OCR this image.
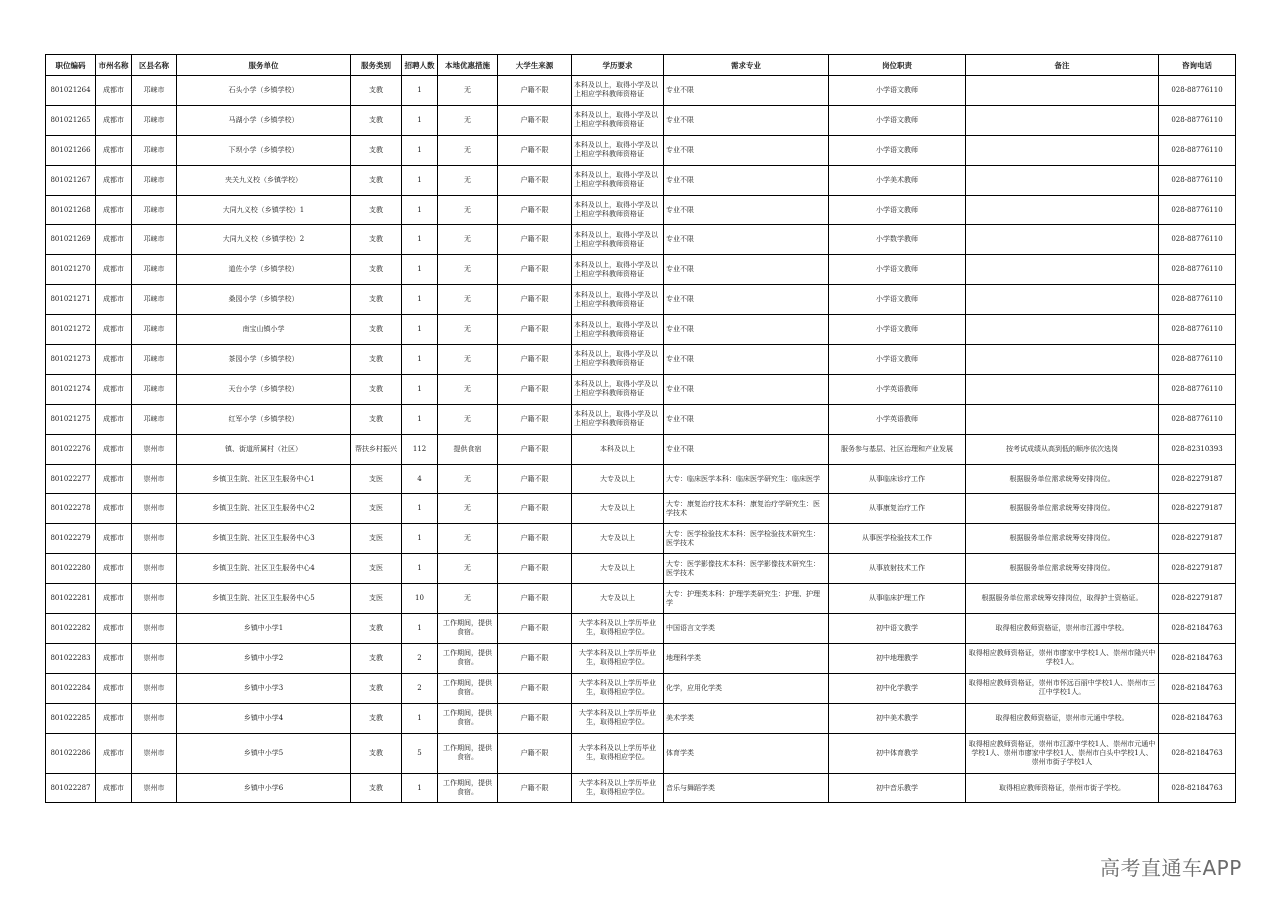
职位编码	市州名称	区县名称	服务单位	服务类别	招聘人数	本地优惠措施	大学生来源	学历要求	需求专业	岗位职责	备注	咨询电话
801021264	成都市	邛崃市	石头小学（乡镇学校）	支教	1	无	户籍不限	本科及以上，取得小学及以上相应学科教师资格证	专业不限	小学语文教师		028-88776110
801021265	成都市	邛崃市	马湖小学（乡镇学校）	支教	1	无	户籍不限	本科及以上，取得小学及以上相应学科教师资格证	专业不限	小学语文教师		028-88776110
801021266	成都市	邛崃市	下坝小学（乡镇学校）	支教	1	无	户籍不限	本科及以上，取得小学及以上相应学科教师资格证	专业不限	小学语文教师		028-88776110
801021267	成都市	邛崃市	夹关九义校（乡镇学校）	支教	1	无	户籍不限	本科及以上，取得小学及以上相应学科教师资格证	专业不限	小学美术教师		028-88776110
801021268	成都市	邛崃市	大同九义校（乡镇学校）1	支教	1	无	户籍不限	本科及以上，取得小学及以上相应学科教师资格证	专业不限	小学语文教师		028-88776110
801021269	成都市	邛崃市	大同九义校（乡镇学校）2	支教	1	无	户籍不限	本科及以上，取得小学及以上相应学科教师资格证	专业不限	小学数学教师		028-88776110
801021270	成都市	邛崃市	道佐小学（乡镇学校）	支教	1	无	户籍不限	本科及以上，取得小学及以上相应学科教师资格证	专业不限	小学语文教师		028-88776110
801021271	成都市	邛崃市	桑园小学（乡镇学校）	支教	1	无	户籍不限	本科及以上，取得小学及以上相应学科教师资格证	专业不限	小学语文教师		028-88776110
801021272	成都市	邛崃市	南宝山镇小学	支教	1	无	户籍不限	本科及以上，取得小学及以上相应学科教师资格证	专业不限	小学语文教师		028-88776110
801021273	成都市	邛崃市	茶园小学（乡镇学校）	支教	1	无	户籍不限	本科及以上，取得小学及以上相应学科教师资格证	专业不限	小学语文教师		028-88776110
801021274	成都市	邛崃市	天台小学（乡镇学校）	支教	1	无	户籍不限	本科及以上，取得小学及以上相应学科教师资格证	专业不限	小学英语教师		028-88776110
801021275	成都市	邛崃市	红军小学（乡镇学校）	支教	1	无	户籍不限	本科及以上，取得小学及以上相应学科教师资格证	专业不限	小学英语教师		028-88776110
801022276	成都市	崇州市	镇、街道所属村（社区）	帮扶乡村振兴	112	提供食宿	户籍不限	本科及以上	专业不限	服务参与基层、社区治理和产业发展	按考试成绩从高到低的顺序依次选岗	028-82310393
801022277	成都市	崇州市	乡镇卫生院、社区卫生服务中心1	支医	4	无	户籍不限	大专及以上	大专：临床医学本科：临床医学研究生：临床医学	从事临床诊疗工作	根据服务单位需求统筹安排岗位。	028-82279187
801022278	成都市	崇州市	乡镇卫生院、社区卫生服务中心2	支医	1	无	户籍不限	大专及以上	大专：康复治疗技术本科：康复治疗学研究生：医学技术	从事康复治疗工作	根据服务单位需求统筹安排岗位。	028-82279187
801022279	成都市	崇州市	乡镇卫生院、社区卫生服务中心3	支医	1	无	户籍不限	大专及以上	大专：医学检验技术本科：医学检验技术研究生：医学技术	从事医学检验技术工作	根据服务单位需求统筹安排岗位。	028-82279187
801022280	成都市	崇州市	乡镇卫生院、社区卫生服务中心4	支医	1	无	户籍不限	大专及以上	大专：医学影像技术本科：医学影像技术研究生：医学技术	从事放射技术工作	根据服务单位需求统筹安排岗位。	028-82279187
801022281	成都市	崇州市	乡镇卫生院、社区卫生服务中心5	支医	10	无	户籍不限	大专及以上	大专：护理类本科：护理学类研究生：护理、护理学	从事临床护理工作	根据服务单位需求统筹安排岗位，取得护士资格证。	028-82279187
801022282	成都市	崇州市	乡镇中小学1	支教	1	工作期间，提供食宿。	户籍不限	大学本科及以上学历毕业生，取得相应学位。	中国语言文学类	初中语文教学	取得相应教师资格证，崇州市江源中学校。	028-82184763
801022283	成都市	崇州市	乡镇中小学2	支教	2	工作期间，提供食宿。	户籍不限	大学本科及以上学历毕业生，取得相应学位。	地理科学类	初中地理教学	取得相应教师资格证，崇州市廖家中学校1人、崇州市隆兴中学校1人。	028-82184763
801022284	成都市	崇州市	乡镇中小学3	支教	2	工作期间，提供食宿。	户籍不限	大学本科及以上学历毕业生，取得相应学位。	化学，应用化学类	初中化学教学	取得相应教师资格证，崇州市怀远百丽中学校1人、崇州市三江中学校1人。	028-82184763
801022285	成都市	崇州市	乡镇中小学4	支教	1	工作期间，提供食宿。	户籍不限	大学本科及以上学历毕业生，取得相应学位。	美术学类	初中美术教学	取得相应教师资格证，崇州市元通中学校。	028-82184763
801022286	成都市	崇州市	乡镇中小学5	支教	5	工作期间，提供食宿。	户籍不限	大学本科及以上学历毕业生，取得相应学位。	体育学类	初中体育教学	取得相应教师资格证，崇州市江源中学校1人、崇州市元通中学校1人、崇州市廖家中学校1人、崇州市白头中学校1人、崇州市街子学校1人	028-82184763
801022287	成都市	崇州市	乡镇中小学6	支教	1	工作期间，提供食宿。	户籍不限	大学本科及以上学历毕业生，取得相应学位。	音乐与舞蹈学类	初中音乐教学	取得相应教师资格证，崇州市街子学校。	028-82184763
高考直通车APP
